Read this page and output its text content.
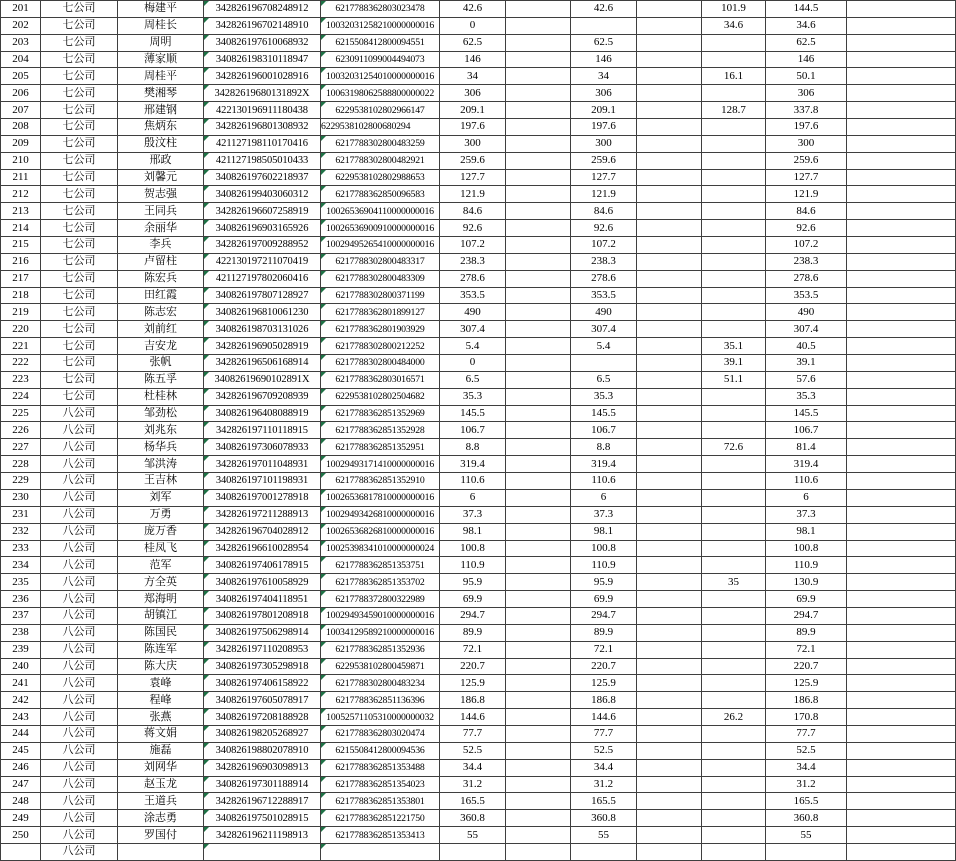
201	七公司	梅建平	342826196708248912	6217788362803023478	42.6		42.6		101.9	144.5	
202	七公司	周桂长	342826196702148910	10032031258210000000016	0				34.6	34.6	
203	七公司	周明	340826197610068932	6215508412800094551	62.5		62.5			62.5	
204	七公司	薄家顺	340826198310118947	6230911099004494073	146		146			146	
205	七公司	周桂平	342826196001028916	10032031254010000000016	34		34		16.1	50.1	
206	七公司	樊湘琴	34282619680131892X	10063198062588800000022	306		306			306	
207	七公司	邢建钢	422130196911180438	6229538102802966147	209.1		209.1		128.7	337.8	
208	七公司	焦炳东	342826196801308932	6229538102800680294	197.6		197.6			197.6	
209	七公司	殷汶柱	421127198110170416	6217788302800483259	300		300			300	
210	七公司	邢政	421127198505010433	6217788302800482921	259.6		259.6			259.6	
211	七公司	刘馨元	340826197602218937	6229538102802988653	127.7		127.7			127.7	
212	七公司	贺志强	340826199403060312	6217788362850096583	121.9		121.9			121.9	
213	七公司	王同兵	342826196607258919	10026536904110000000016	84.6		84.6			84.6	
214	七公司	余丽华	340826196903165926	10026536900910000000016	92.6		92.6			92.6	
215	七公司	李兵	342826197009288952	10029495265410000000016	107.2		107.2			107.2	
216	七公司	卢留柱	422130197211070419	6217788302800483317	238.3		238.3			238.3	
217	七公司	陈宏兵	421127197802060416	6217788302800483309	278.6		278.6			278.6	
218	七公司	田红霞	340826197807128927	6217788302800371199	353.5		353.5			353.5	
219	七公司	陈志宏	340826196810061230	6217788362801899127	490		490			490	
220	七公司	刘前红	340826198703131026	6217788362801903929	307.4		307.4			307.4	
221	七公司	吉安龙	342826196905028919	6217788302800212252	5.4		5.4		35.1	40.5	
222	七公司	张帆	342826196506168914	6217788302800484000	0				39.1	39.1	
223	七公司	陈五孚	34082619690102891X	6217788362803016571	6.5		6.5		51.1	57.6	
224	七公司	杜桂林	342826196709208939	6229538102802504682	35.3		35.3			35.3	
225	八公司	邹劲松	340826196408088919	6217788362851352969	145.5		145.5			145.5	
226	八公司	刘兆东	342826197110118915	6217788362851352928	106.7		106.7			106.7	
227	八公司	杨华兵	340826197306078933	6217788362851352951	8.8		8.8		72.6	81.4	
228	八公司	邹洪涛	342826197011048931	10029493171410000000016	319.4		319.4			319.4	
229	八公司	王吉林	340826197101198931	6217788362851352910	110.6		110.6			110.6	
230	八公司	刘军	340826197001278918	10026536817810000000016	6		6			6	
231	八公司	万勇	342826197211288913	10029493426810000000016	37.3		37.3			37.3	
232	八公司	庞万香	342826196704028912	10026536826810000000016	98.1		98.1			98.1	
233	八公司	桂凤飞	342826196610028954	10025398341010000000024	100.8		100.8			100.8	
234	八公司	范军	340826197406178915	6217788362851353751	110.9		110.9			110.9	
235	八公司	方全英	340826197610058929	6217788362851353702	95.9		95.9		35	130.9	
236	八公司	郑海明	340826197404118951	6217788372800322989	69.9		69.9			69.9	
237	八公司	胡镇江	340826197801208918	10029493459010000000016	294.7		294.7			294.7	
238	八公司	陈国民	340826197506298914	10034129589210000000016	89.9		89.9			89.9	
239	八公司	陈连军	342826197110208953	6217788362851352936	72.1		72.1			72.1	
240	八公司	陈大庆	340826197305298918	6229538102800459871	220.7		220.7			220.7	
241	八公司	袁峰	340826197406158922	6217788302800483234	125.9		125.9			125.9	
242	八公司	程峰	340826197605078917	6217788362851136396	186.8		186.8			186.8	
243	八公司	张燕	340826197208188928	10052571105310000000032	144.6		144.6		26.2	170.8	
244	八公司	蒋文娟	340826198205268927	6217788362803020474	77.7		77.7			77.7	
245	八公司	施磊	340826198802078910	6215508412800094536	52.5		52.5			52.5	
246	八公司	刘网华	342826196903098913	6217788362851353488	34.4		34.4			34.4	
247	八公司	赵玉龙	340826197301188914	6217788362851354023	31.2		31.2			31.2	
248	八公司	王道兵	342826196712288917	6217788362851353801	165.5		165.5			165.5	
249	八公司	涂志勇	340826197501028915	6217788362851221750	360.8		360.8			360.8	
250	八公司	罗国付	342826196211198913	6217788362851353413	55		55			55	
	八公司		
